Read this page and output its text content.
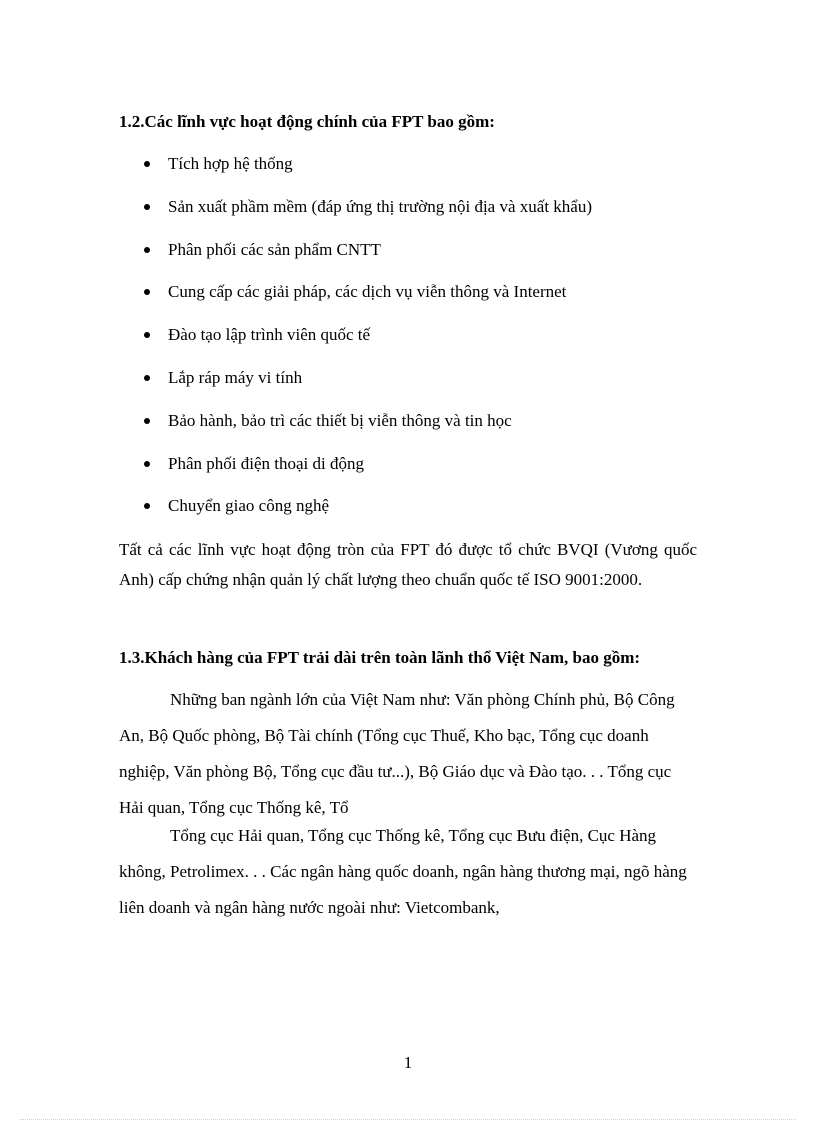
1.2.Các lĩnh vực hoạt động chính của FPT bao gồm:
Tích hợp hệ thống
Sản xuất phầm mềm (đáp ứng thị trường nội địa và xuất khẩu)
Phân phối các sản phẩm CNTT
Cung cấp các giải pháp, các dịch vụ viễn thông và Internet
Đào tạo lập trình viên quốc tế
Lắp ráp máy vi tính
Bảo hành, bảo trì các thiết bị viễn thông và tin học
Phân phối điện thoại di động
Chuyển giao công nghệ

Tất cả các lĩnh vực hoạt động tròn của FPT đó được tổ chức BVQI (Vương quốc Anh) cấp chứng nhận quản lý chất lượng theo chuẩn quốc tế ISO 9001:2000.

1.3.Khách hàng của FPT trải dài trên toàn lãnh thổ Việt Nam, bao gồm:

Những ban ngành lớn của Việt Nam như: Văn phòng Chính phủ, Bộ Công An, Bộ Quốc phòng, Bộ Tài chính (Tổng cục Thuế, Kho bạc, Tổng cục doanh nghiệp, Văn phòng Bộ, Tổng cục đầu tư...), Bộ Giáo dục và Đào tạo. . . Tổng cục Hải quan, Tổng cục Thống kê, Tổ

Tổng cục Hải quan, Tổng cục Thống kê, Tổng cục Bưu điện, Cục Hàng không, Petrolimex. . . Các ngân hàng quốc doanh, ngân hàng thương mại, ngõ hàng liên doanh và ngân hàng nước ngoài như: Vietcombank,

1
